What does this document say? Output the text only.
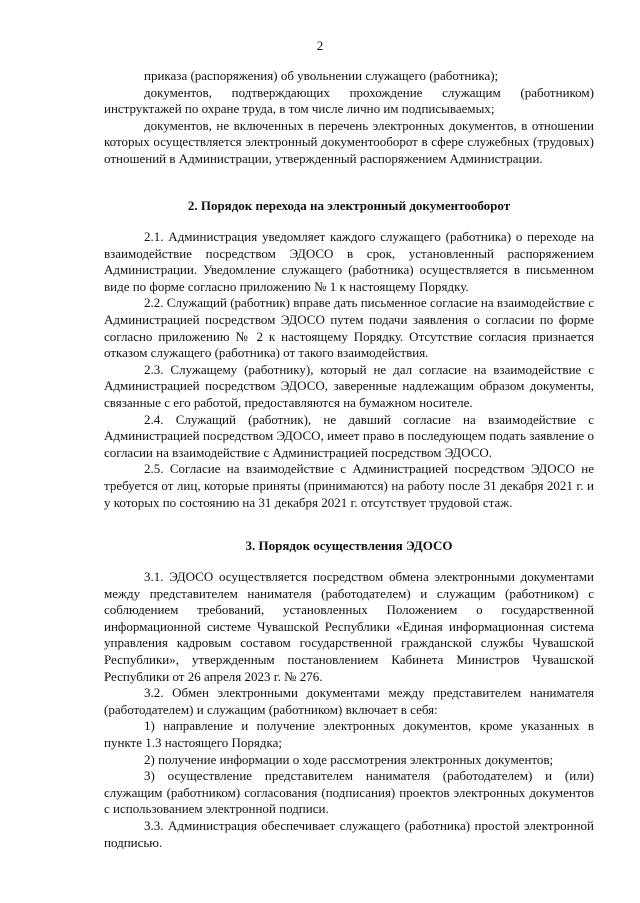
2

приказа (распоряжения) об увольнении служащего (работника);

документов, подтверждающих прохождение служащим (работником) инструктажей по охране труда, в том числе лично им подписываемых;

документов, не включенных в перечень электронных документов, в отношении которых осуществляется электронный документооборот в сфере служебных (трудовых) отношений в Администрации, утвержденный распоряжением Администрации.

2. Порядок перехода на электронный документооборот

2.1. Администрация уведомляет каждого служащего (работника) о переходе на взаимодействие посредством ЭДОСО в срок, установленный распоряжением Администрации. Уведомление служащего (работника) осуществляется в письменном виде по форме согласно приложению № 1 к настоящему Порядку.

2.2. Служащий (работник) вправе дать письменное согласие на взаимодействие с Администрацией посредством ЭДОСО путем подачи заявления о согласии по форме согласно приложению № 2 к настоящему Порядку. Отсутствие согласия признается отказом служащего (работника) от такого взаимодействия.

2.3. Служащему (работнику), который не дал согласие на взаимодействие с Администрацией посредством ЭДОСО, заверенные надлежащим образом документы, связанные с его работой, предоставляются на бумажном носителе.

2.4. Служащий (работник), не давший согласие на взаимодействие с Администрацией посредством ЭДОСО, имеет право в последующем подать заявление о согласии на взаимодействие с Администрацией посредством ЭДОСО.

2.5. Согласие на взаимодействие с Администрацией посредством ЭДОСО не требуется от лиц, которые приняты (принимаются) на работу после 31 декабря 2021 г. и у которых по состоянию на 31 декабря 2021 г. отсутствует трудовой стаж.

3. Порядок осуществления ЭДОСО

3.1. ЭДОСО осуществляется посредством обмена электронными документами между представителем нанимателя (работодателем) и служащим (работником) с соблюдением требований, установленных Положением о государственной информационной системе Чувашской Республики «Единая информационная система управления кадровым составом государственной гражданской службы Чувашской Республики», утвержденным постановлением Кабинета Министров Чувашской Республики от 26 апреля 2023 г. № 276.

3.2. Обмен электронными документами между представителем нанимателя (работодателем) и служащим (работником) включает в себя:

1) направление и получение электронных документов, кроме указанных в пункте 1.3 настоящего Порядка;

2) получение информации о ходе рассмотрения электронных документов;

3) осуществление представителем нанимателя (работодателем) и (или) служащим (работником) согласования (подписания) проектов электронных документов с использованием электронной подписи.

3.3. Администрация обеспечивает служащего (работника) простой электронной подписью.
